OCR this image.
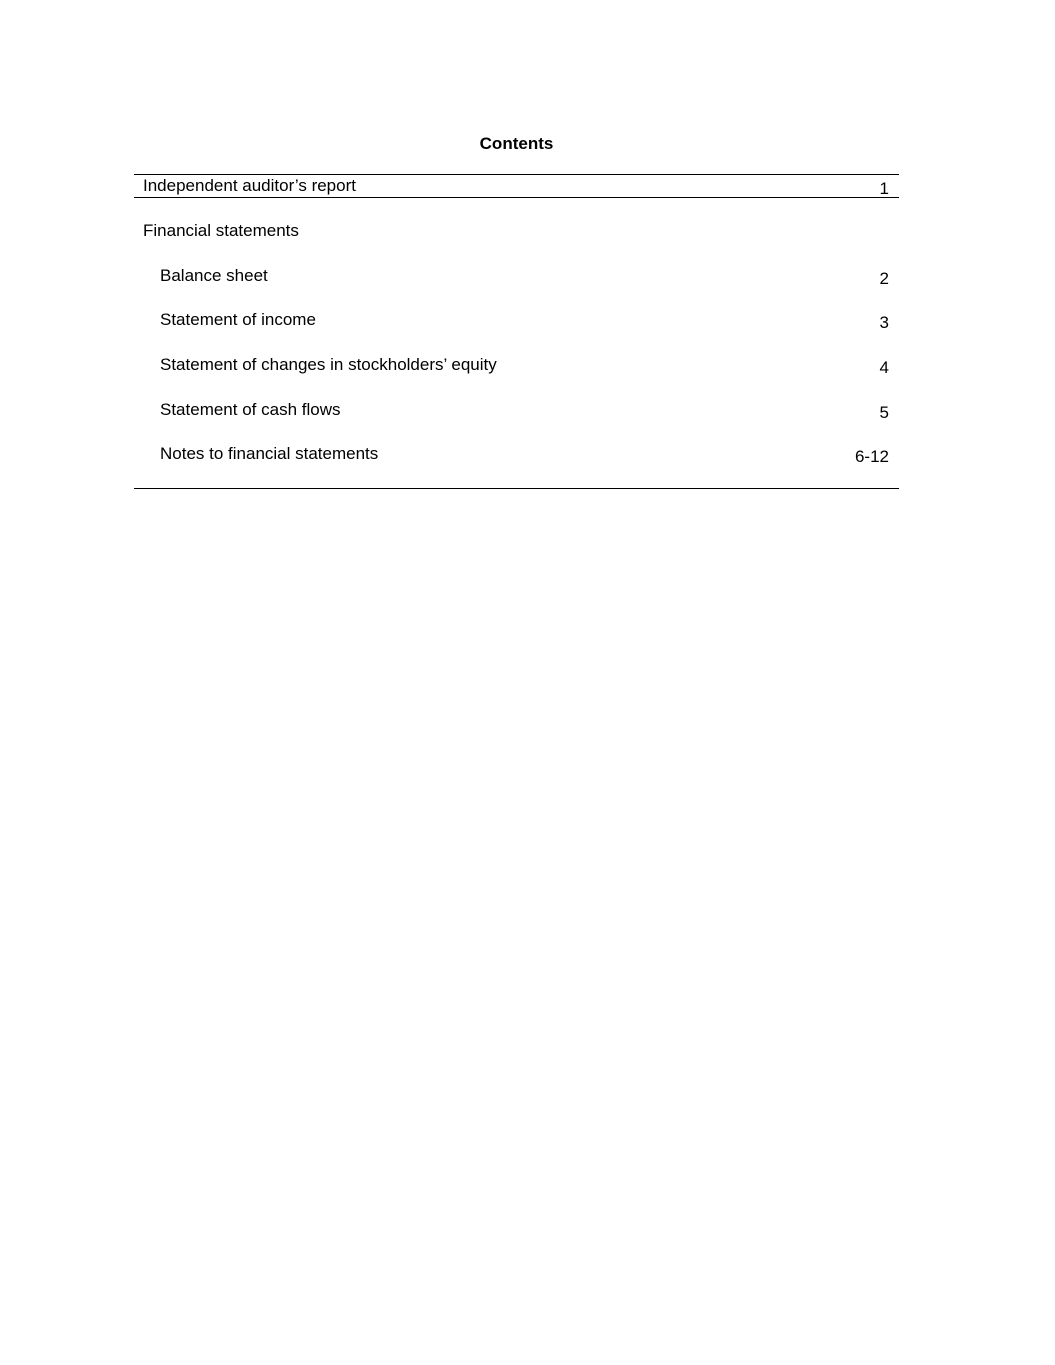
Contents
Independent auditor’s report	1
Financial statements
Balance sheet	2
Statement of income	3
Statement of changes in stockholders’ equity	4
Statement of cash flows	5
Notes to financial statements	6-12
